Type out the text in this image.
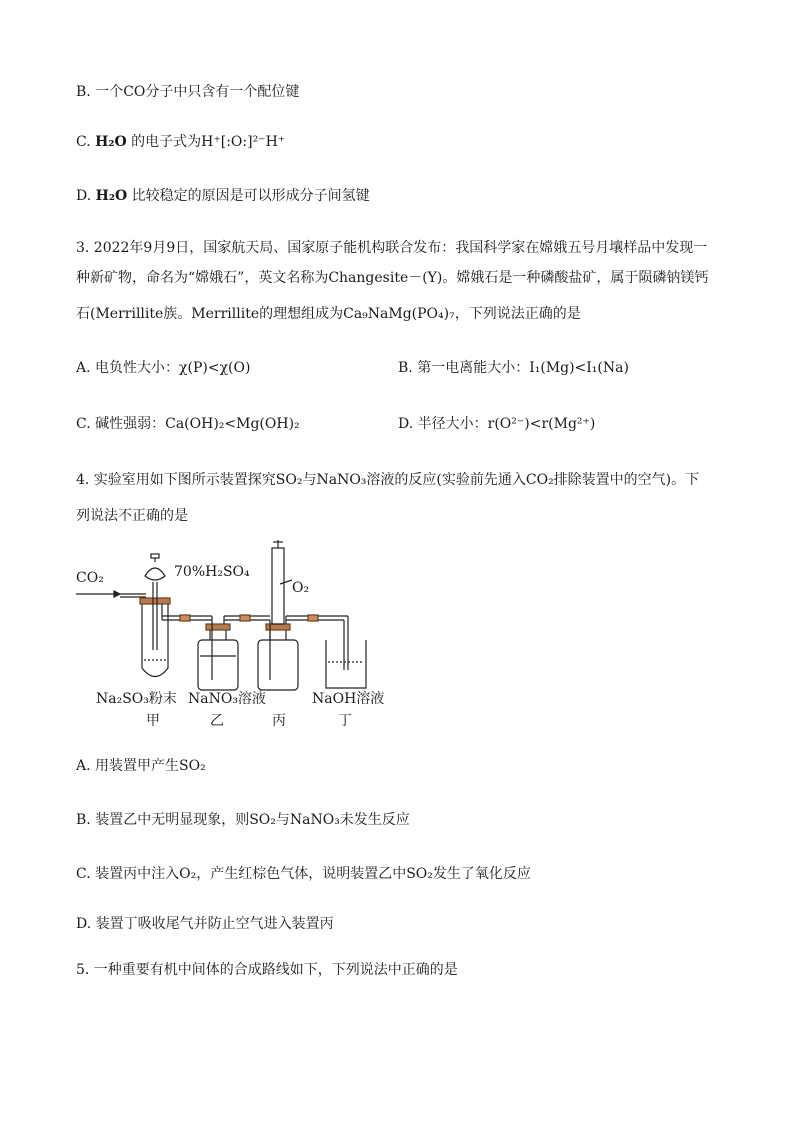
B. 一个CO分子中只含有一个配位键
C. H₂O 的电子式为H⁺[:O:]²⁻H⁺
D. H₂O 比较稳定的原因是可以形成分子间氢键
3. 2022年9月9日，国家航天局、国家原子能机构联合发布：我国科学家在嫦娥五号月壤样品中发现一
种新矿物，命名为“嫦娥石”，英文名称为Changesite－(Y)。嫦娥石是一种磷酸盐矿，属于陨磷钠镁钙
石(Merrillite族。Merrillite的理想组成为Ca₉NaMg(PO₄)₇，下列说法正确的是
A. 电负性大小：χ(P)<χ(O)	B. 第一电离能大小：I₁(Mg)<I₁(Na)
C. 碱性强弱：Ca(OH)₂<Mg(OH)₂	D. 半径大小：r(O²⁻)<r(Mg²⁺)
4. 实验室用如下图所示装置探究SO₂与NaNO₃溶液的反应(实验前先通入CO₂排除装置中的空气)。下
列说法不正确的是
CO₂	70%H₂SO₄
O₂
Na₂SO₃粉末 NaNO₃溶液	NaOH溶液
甲	乙	丙	丁
A. 用装置甲产生SO₂
B. 装置乙中无明显现象，则SO₂与NaNO₃未发生反应
C. 装置丙中注入O₂，产生红棕色气体，说明装置乙中SO₂发生了氧化反应
D. 装置丁吸收尾气并防止空气进入装置丙
5. 一种重要有机中间体的合成路线如下，下列说法中正确的是
